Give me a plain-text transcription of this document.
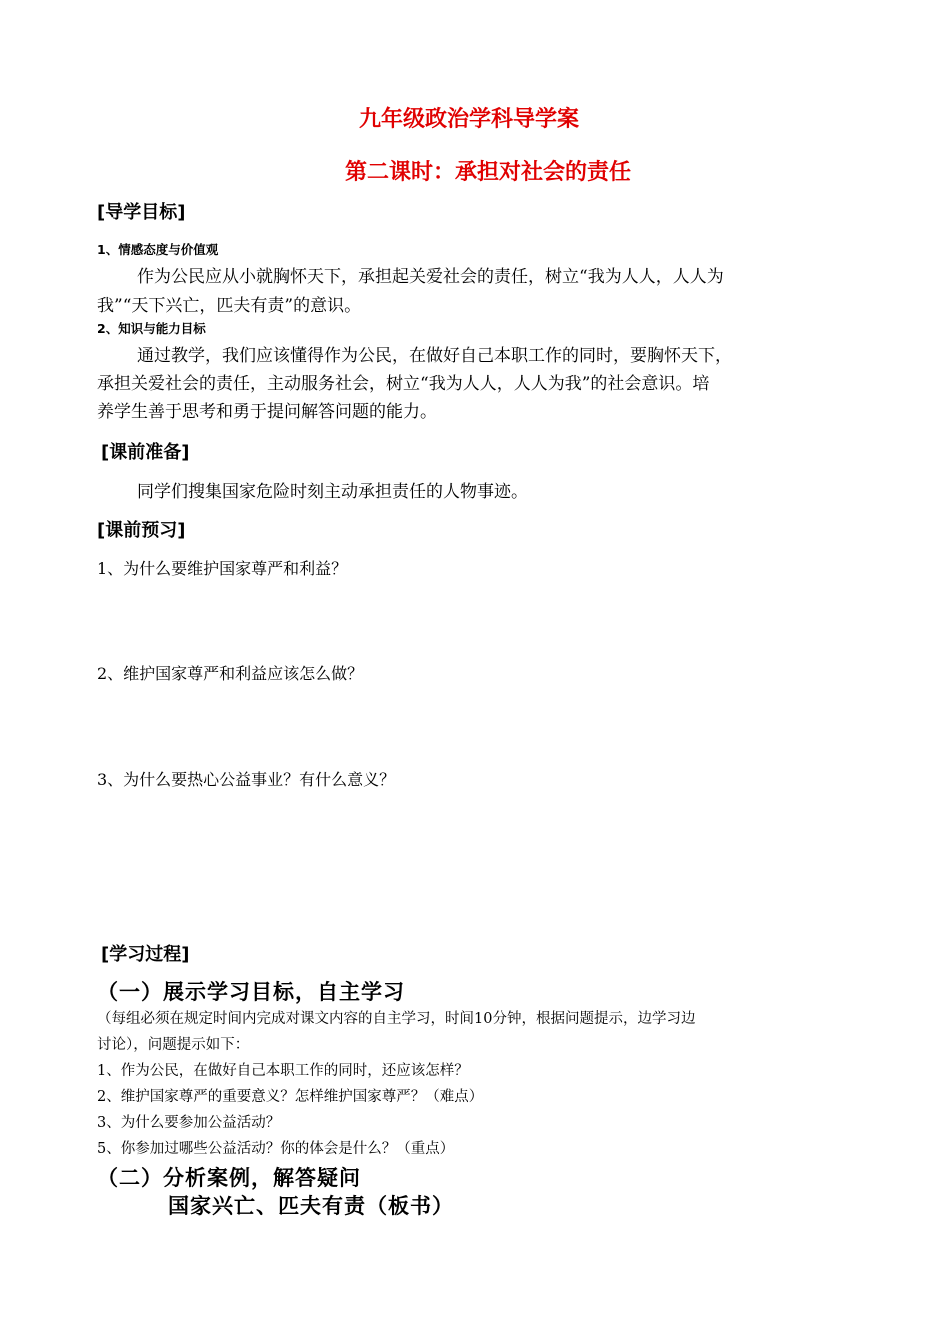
九年级政治学科导学案
第二课时：承担对社会的责任
[导学目标]
1、情感态度与价值观
作为公民应从小就胸怀天下，承担起关爱社会的责任，树立“我为人人，人人为
我”“天下兴亡，匹夫有责”的意识。
2、知识与能力目标
通过教学，我们应该懂得作为公民，在做好自己本职工作的同时，要胸怀天下，
承担关爱社会的责任，主动服务社会，树立“我为人人，人人为我”的社会意识。培
养学生善于思考和勇于提问解答问题的能力。
[课前准备]
同学们搜集国家危险时刻主动承担责任的人物事迹。
[课前预习]
1、为什么要维护国家尊严和利益？
2、维护国家尊严和利益应该怎么做？
3、为什么要热心公益事业？有什么意义？
[学习过程]
（一）展示学习目标，自主学习
（每组必须在规定时间内完成对课文内容的自主学习，时间10分钟，根据问题提示，边学习边
讨论），问题提示如下：
1、作为公民，在做好自己本职工作的同时，还应该怎样？
2、维护国家尊严的重要意义？怎样维护国家尊严？（难点）
3、为什么要参加公益活动？
5、你参加过哪些公益活动？你的体会是什么？（重点）
（二）分析案例，解答疑问
国家兴亡、匹夫有责（板书）
